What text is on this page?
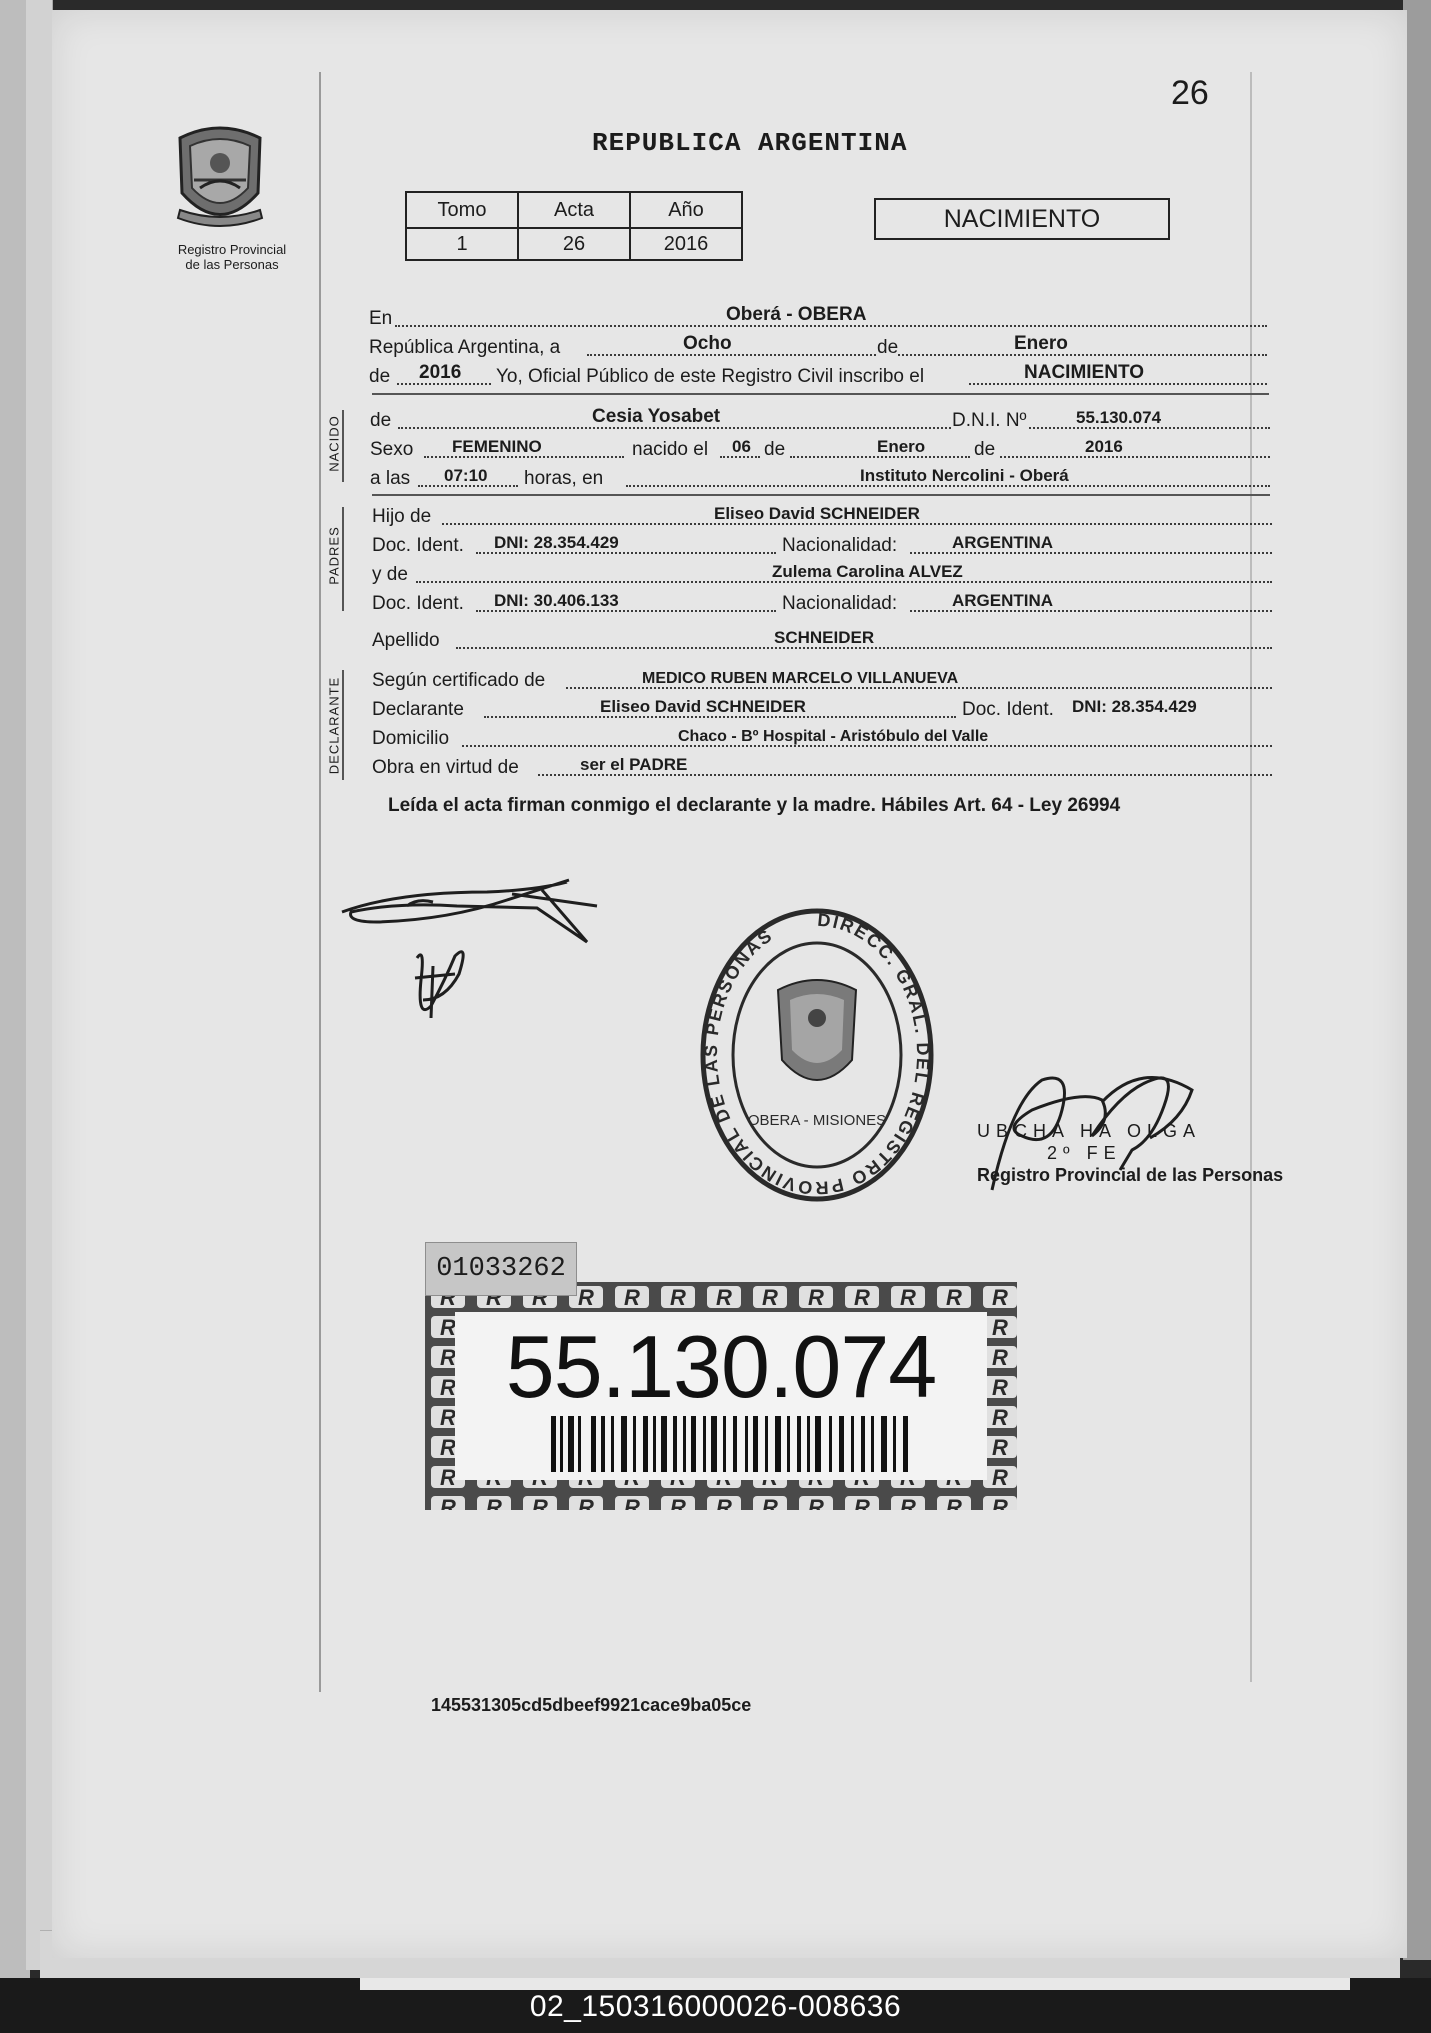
02_150316000026-008636
26
REPUBLICA ARGENTINA
Registro Provincial
de las Personas
Tomo	Acta	Año
1	26	2016
NACIMIENTO
En	Oberá - OBERA
República Argentina, a	Ocho	de	Enero
de 2016 Yo, Oficial Público de este Registro Civil inscribo el	NACIMIENTO
NACIDO de	Cesia Yosabet	D.N.I. Nº	55.130.074
Sexo FEMENINO	nacido el 06 de	Enero	de	2016
a las 07:10 horas, en	Instituto Nercolini - Oberá
PADRES
Hijo de	Eliseo David SCHNEIDER
Doc. Ident. DNI: 28.354.429	Nacionalidad:	ARGENTINA
y de	Zulema Carolina ALVEZ
Doc. Ident. DNI: 30.406.133	Nacionalidad:	ARGENTINA
Apellido	SCHNEIDER
DECLARANTE Según certificado de	MEDICO RUBEN MARCELO VILLANUEVA
Declarante	Eliseo David SCHNEIDER	Doc. Ident. DNI: 28.354.429
Domicilio	Chaco - Bº Hospital - Aristóbulo del Valle
Obra en virtud de	ser el PADRE
Leída el acta firman conmigo el declarante y la madre. Hábiles Art. 64 - Ley 26994
DIRECC. GRAL. DEL REGISTRO PROVINCIAL DE LAS PERSONAS
OBERA - MISIONES
UBCHA HA OLGA
2º FE
Registro Provincial de las Personas
55.130.074
01033262
145531305cd5dbeef9921cace9ba05ce
